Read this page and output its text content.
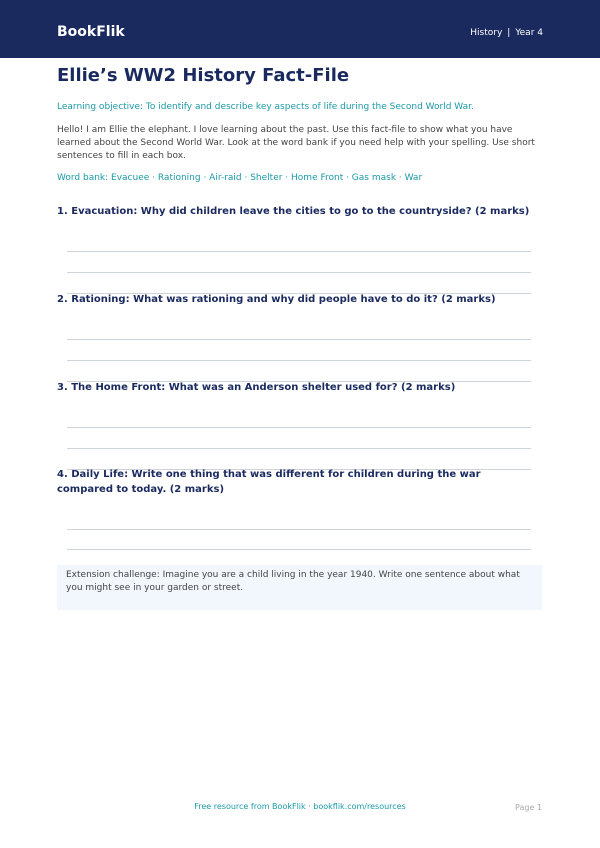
BookFlik	History | Year 4
Ellie’s WW2 History Fact-File
Learning objective: To identify and describe key aspects of life during the Second World War.
Hello! I am Ellie the elephant. I love learning about the past. Use this fact-file to show what you have learned about the Second World War. Look at the word bank if you need help with your spelling. Use short sentences to fill in each box.
Word bank: Evacuee · Rationing · Air-raid · Shelter · Home Front · Gas mask · War
1. Evacuation: Why did children leave the cities to go to the countryside? (2 marks)
2. Rationing: What was rationing and why did people have to do it? (2 marks)
3. The Home Front: What was an Anderson shelter used for? (2 marks)
4. Daily Life: Write one thing that was different for children during the war compared to today. (2 marks)
Extension challenge: Imagine you are a child living in the year 1940. Write one sentence about what you might see in your garden or street.
Free resource from BookFlik · bookflik.com/resources	Page 1
